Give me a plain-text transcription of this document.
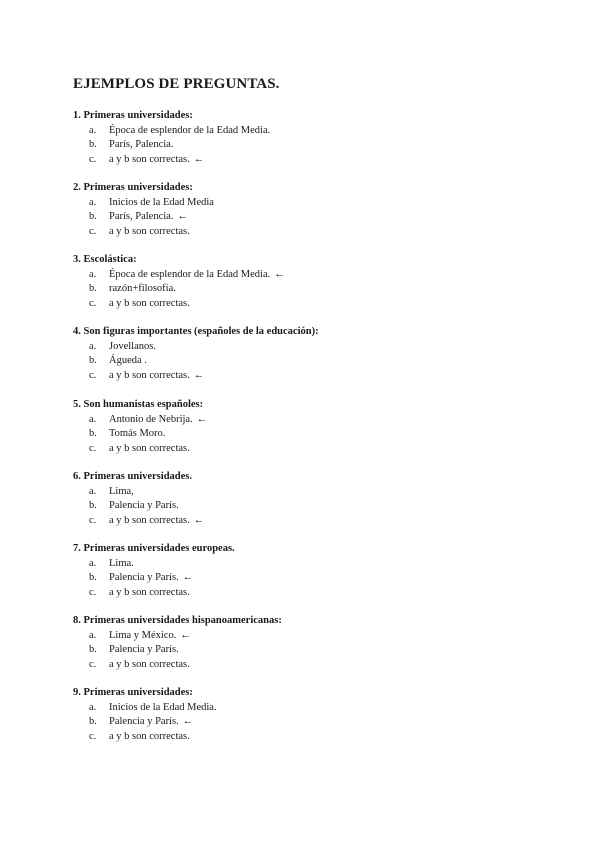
EJEMPLOS DE PREGUNTAS.
1 . Primeras universidades:
a . Época de esplendor de la Edad Media.
b . París, Palencia.
c . a y b son correctas. ←
2 . Primeras universidades:
a . Inicios de la Edad Media
b . París, Palencia. ←
c . a y b son correctas.
3 . Escolástica:
a . Época de esplendor de la Edad Media. ←
b . razón+filosofía.
c . a y b son correctas.
4 . Son figuras importantes (españoles de la educación):
a . Jovellanos.
b . Águeda .
c . a y b son correctas. ←
5 . Son humanistas españoles:
a . Antonio de Nebrija. ←
b . Tomás Moro.
c . a y b son correctas.
6 . Primeras universidades.
a . Lima,
b . Palencia y París.
c . a y b son correctas. ←
7 . Primeras universidades europeas.
a . Lima.
b . Palencia y París. ←
c . a y b son correctas.
8 . Primeras universidades hispanoamericanas:
a . Lima y México. ←
b . Palencia y París.
c . a y b son correctas.
9 . Primeras universidades:
a . Inicios de la Edad Media.
b . Palencia y París. ←
c . a y b son correctas.
